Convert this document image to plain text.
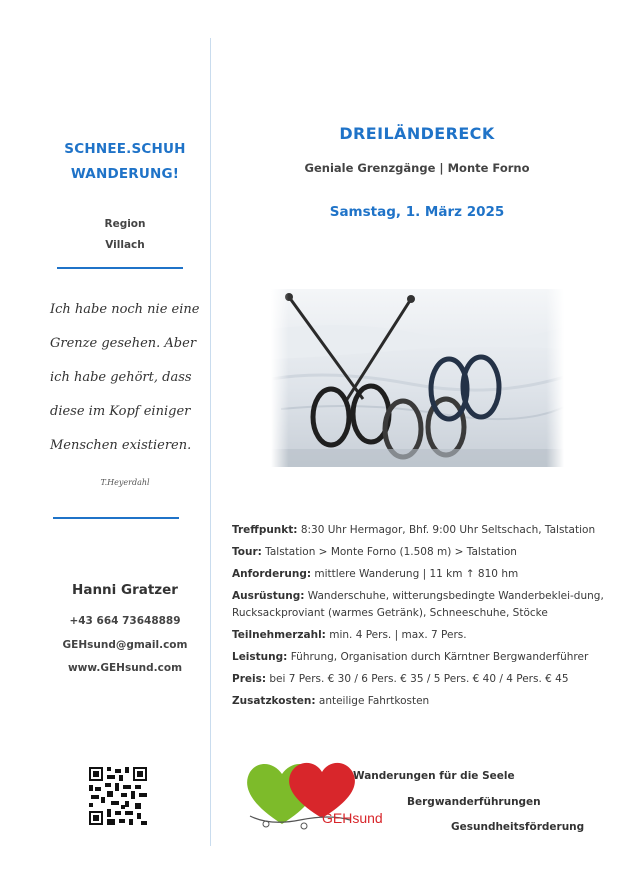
SCHNEE.SCHUH
WANDERUNG!
Region
Villach
Ich habe noch nie eine
Grenze gesehen. Aber
ich habe gehört, dass
diese im Kopf einiger
Menschen existieren.
T.Heyerdahl
Hanni Gratzer
+43 664 73648889
GEHsund@gmail.com
www.GEHsund.com
DREILÄNDERECK
Geniale Grenzgänge | Monte Forno
Samstag, 1. März 2025
Treffpunkt: 8:30 Uhr Hermagor, Bhf. 9:00 Uhr Seltschach, Talstation
Tour: Talstation > Monte Forno (1.508 m) > Talstation
Anforderung: mittlere Wanderung | 11 km ↑ 810 hm
Ausrüstung: Wanderschuhe, witterungsbedingte Wanderbeklei-dung, Rucksackproviant (warmes Getränk), Schneeschuhe, Stöcke
Teilnehmerzahl: min. 4 Pers. | max. 7 Pers.
Leistung: Führung, Organisation durch Kärntner Bergwanderführer
Preis: bei 7 Pers. € 30 / 6 Pers. € 35 / 5 Pers. € 40 / 4 Pers. € 45
Zusatzkosten: anteilige Fahrtkosten
GEHsund
Wanderungen für die Seele
Bergwanderführungen
Gesundheitsförderung
